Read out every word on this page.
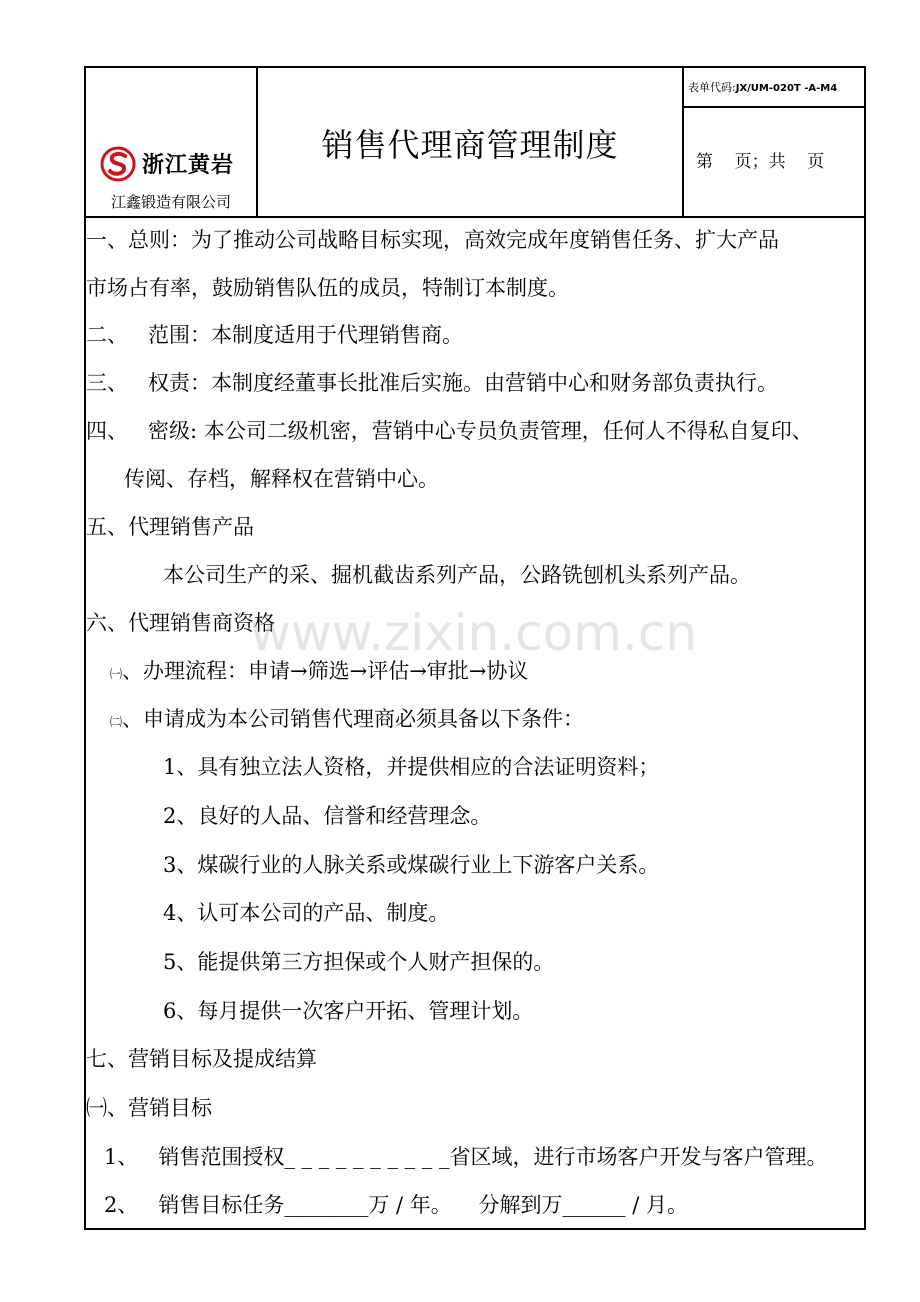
浙江黄岩
江鑫锻造有限公司
销售代理商管理制度
表单代码:JX/UM-020T -A-M4
第    页；共    页
一、总则：为了推动公司战略目标实现，高效完成年度销售任务、扩大产品
市场占有率，鼓励销售队伍的成员，特制订本制度。
二、   范围：本制度适用于代理销售商。
三、   权责：本制度经董事长批准后实施。由营销中心和财务部负责执行。
四、   密级: 本公司二级机密，营销中心专员负责管理，任何人不得私自复印、
传阅、存档，解释权在营销中心。
五、代理销售产品
本公司生产的采、掘机截齿系列产品，公路铣刨机头系列产品。
六、代理销售商资格
㈠、办理流程：申请→筛选→评估→审批→协议
㈡、申请成为本公司销售代理商必须具备以下条件：
1、具有独立法人资格，并提供相应的合法证明资料；
2、良好的人品、信誉和经营理念。
3、煤碳行业的人脉关系或煤碳行业上下游客户关系。
4、认可本公司的产品、制度。
5、能提供第三方担保或个人财产担保的。
6、每月提供一次客户开拓、管理计划。
七、营销目标及提成结算
㈠、营销目标
1、   销售范围授权_ _ _ _ _ _ _ _ _ _省区域，进行市场客户开发与客户管理。
2、   销售目标任务________万 / 年。    分解到万______ / 月。
www.zixin.com.cn
